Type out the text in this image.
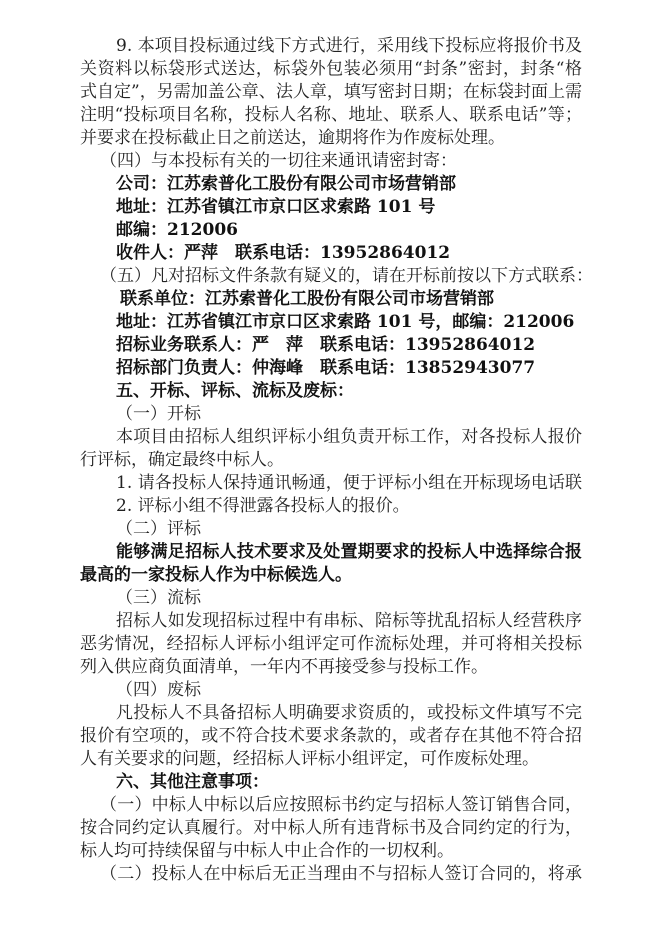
9. 本项目投标通过线下方式进行，采用线下投标应将报价书及
关资料以标袋形式送达，标袋外包装必须用“封条”密封，封条“格
式自定”，另需加盖公章、法人章，填写密封日期；在标袋封面上需
注明“投标项目名称，投标人名称、地址、联系人、联系电话”等；
并要求在投标截止日之前送达，逾期将作为作废标处理。
（四）与本投标有关的一切往来通讯请密封寄：
公司：江苏索普化工股份有限公司市场营销部
地址：江苏省镇江市京口区求索路 101 号
邮编：212006
收件人：严萍　联系电话：13952864012
（五）凡对招标文件条款有疑义的，请在开标前按以下方式联系：
联系单位：江苏索普化工股份有限公司市场营销部
地址：江苏省镇江市京口区求索路 101 号，邮编：212006
招标业务联系人：严　萍　联系电话：13952864012
招标部门负责人：仲海峰　联系电话：13852943077
五、开标、评标、流标及废标：
（一）开标
本项目由招标人组织评标小组负责开标工作，对各投标人报价
行评标，确定最终中标人。
1. 请各投标人保持通讯畅通，便于评标小组在开标现场电话联
2. 评标小组不得泄露各投标人的报价。
（二）评标
能够满足招标人技术要求及处置期要求的投标人中选择综合报
最高的一家投标人作为中标候选人。
（三）流标
招标人如发现招标过程中有串标、陪标等扰乱招标人经营秩序
恶劣情况，经招标人评标小组评定可作流标处理，并可将相关投标
列入供应商负面清单，一年内不再接受参与投标工作。
（四）废标
凡投标人不具备招标人明确要求资质的，或投标文件填写不完
报价有空项的，或不符合技术要求条款的，或者存在其他不符合招
人有关要求的问题，经招标人评标小组评定，可作废标处理。
六、其他注意事项：
（一）中标人中标以后应按照标书约定与招标人签订销售合同，
按合同约定认真履行。对中标人所有违背标书及合同约定的行为，
标人均可持续保留与中标人中止合作的一切权利。
（二）投标人在中标后无正当理由不与招标人签订合同的，将承
